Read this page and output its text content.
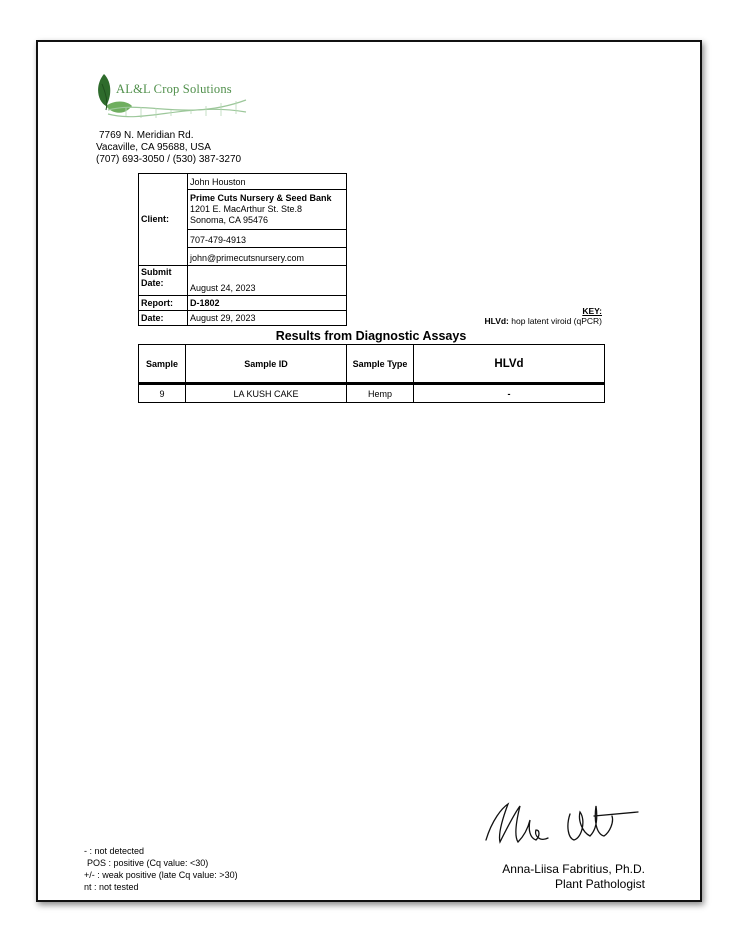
AL&L Crop Solutions
7769 N. Meridian Rd.
Vacaville, CA 95688, USA
(707) 693-3050 / (530) 387-3270
Client:	John Houston

	Prime Cuts Nursery & Seed Bank
1201 E. MacArthur St. Ste.8
Sonoma, CA 95476

	707-479-4913
	john@primecutsnursery.com

Submit
Date:	August 24, 2023
Report:	D-1802
Date:	August 29, 2023
KEY:
HLVd: hop latent viroid (qPCR)
Results from Diagnostic Assays
Sample	Sample ID	Sample Type	HLVd
9	LA KUSH CAKE	Hemp	-
- : not detected
POS : positive (Cq value: <30)
+/- : weak positive (late Cq value: >30)
nt : not tested
Anna-Liisa Fabritius, Ph.D.
Plant Pathologist
